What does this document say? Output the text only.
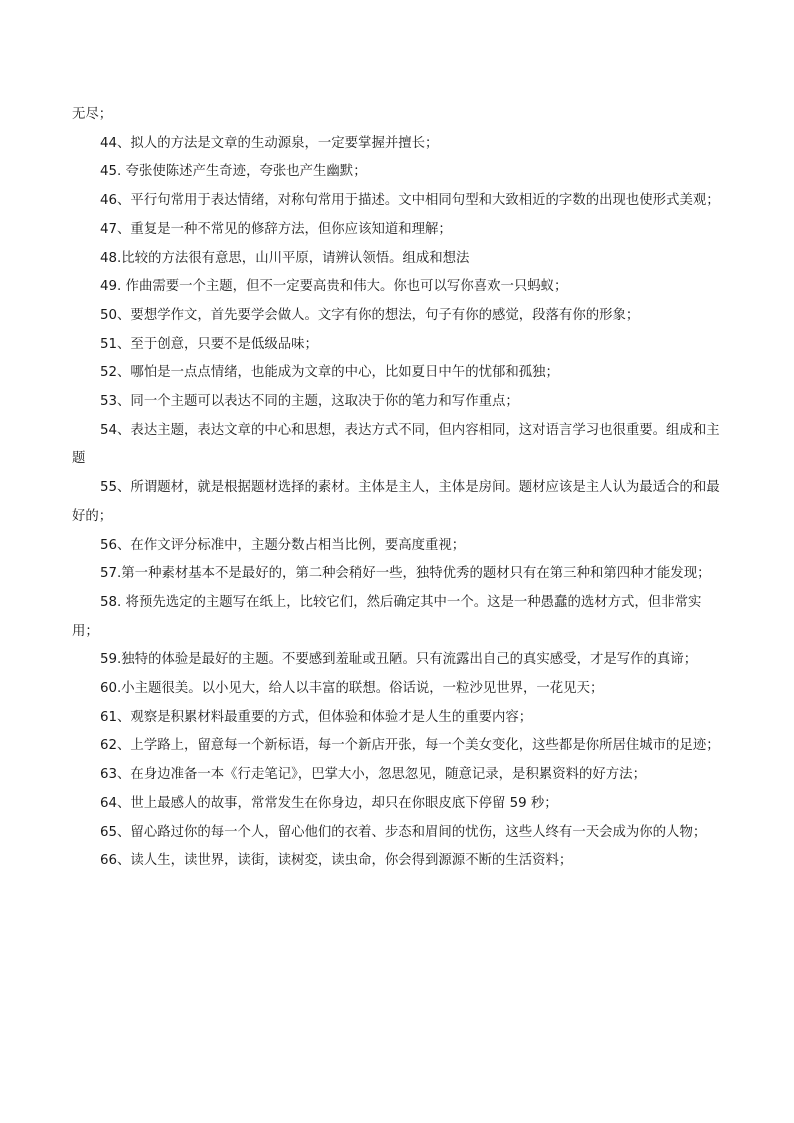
无尽；

44、拟人的方法是文章的生动源泉，一定要掌握并擅长；

45. 夸张使陈述产生奇迹，夸张也产生幽默；

46、平行句常用于表达情绪，对称句常用于描述。文中相同句型和大致相近的字数的出现也使形式美观；

47、重复是一种不常见的修辞方法，但你应该知道和理解；

48.比较的方法很有意思，山川平原，请辨认领悟。组成和想法

49. 作曲需要一个主题，但不一定要高贵和伟大。你也可以写你喜欢一只蚂蚁；

50、要想学作文，首先要学会做人。文字有你的想法，句子有你的感觉，段落有你的形象；

51、至于创意，只要不是低级品味；

52、哪怕是一点点情绪，也能成为文章的中心，比如夏日中午的忧郁和孤独；

53、同一个主题可以表达不同的主题，这取决于你的笔力和写作重点；

54、表达主题，表达文章的中心和思想，表达方式不同，但内容相同，这对语言学习也很重要。组成和主题

55、所谓题材，就是根据题材选择的素材。主体是主人，主体是房间。题材应该是主人认为最适合的和最好的；

56、在作文评分标准中，主题分数占相当比例，要高度重视；

57.第一种素材基本不是最好的，第二种会稍好一些，独特优秀的题材只有在第三种和第四种才能发现；

58. 将预先选定的主题写在纸上，比较它们，然后确定其中一个。这是一种愚蠢的选材方式，但非常实用；

59.独特的体验是最好的主题。不要感到羞耻或丑陋。只有流露出自己的真实感受，才是写作的真谛；

60.小主题很美。以小见大，给人以丰富的联想。俗话说，一粒沙见世界，一花见天；

61、观察是积累材料最重要的方式，但体验和体验才是人生的重要内容；

62、上学路上，留意每一个新标语，每一个新店开张，每一个美女变化，这些都是你所居住城市的足迹；

63、在身边准备一本《行走笔记》，巴掌大小，忽思忽见，随意记录，是积累资料的好方法；

64、世上最感人的故事，常常发生在你身边，却只在你眼皮底下停留 59 秒；

65、留心路过你的每一个人，留心他们的衣着、步态和眉间的忧伤，这些人终有一天会成为你的人物；

66、读人生，读世界，读街，读树変，读虫命，你会得到源源不断的生活资料；
